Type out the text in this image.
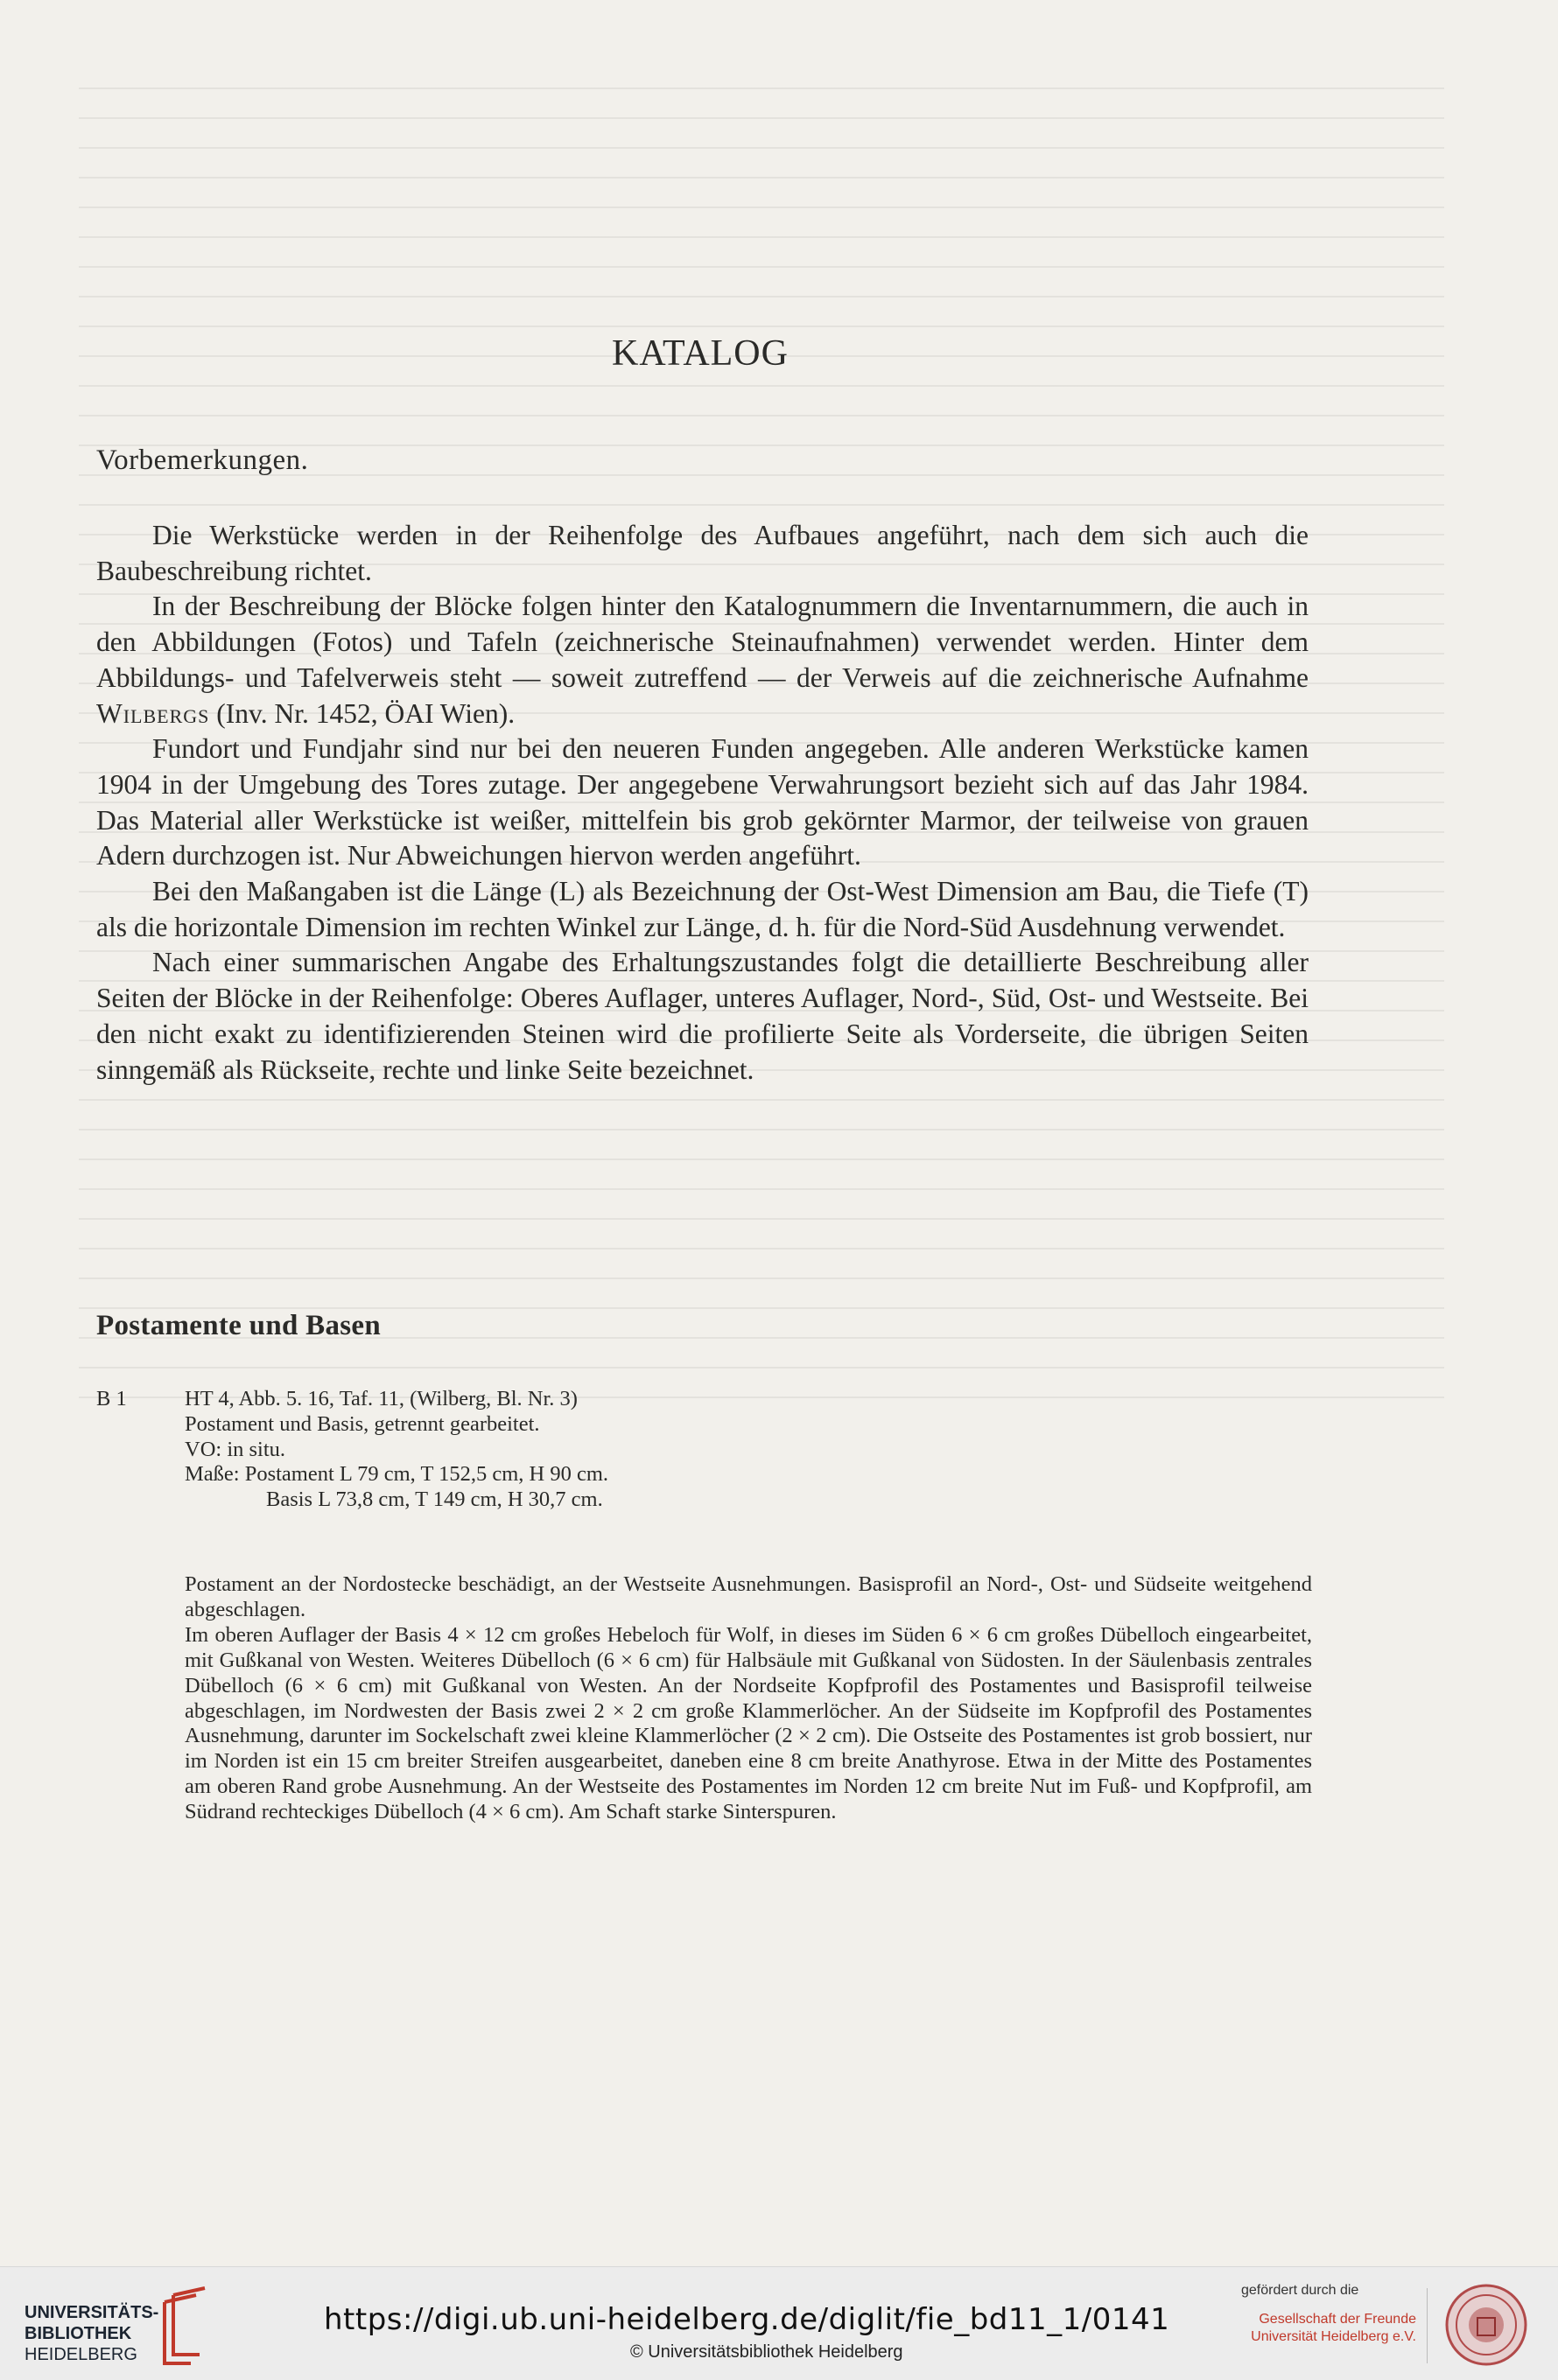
KATALOG
Vorbemerkungen.

Die Werkstücke werden in der Reihenfolge des Aufbaues angeführt, nach dem sich auch die Baubeschreibung richtet.

In der Beschreibung der Blöcke folgen hinter den Katalognummern die Inventarnummern, die auch in den Abbildungen (Fotos) und Tafeln (zeichnerische Steinaufnahmen) verwendet werden. Hinter dem Abbildungs- und Tafelverweis steht — soweit zutreffend — der Verweis auf die zeichnerische Aufnahme Wilbergs (Inv. Nr. 1452, ÖAI Wien).

Fundort und Fundjahr sind nur bei den neueren Funden angegeben. Alle anderen Werkstücke kamen 1904 in der Umgebung des Tores zutage. Der angegebene Verwahrungsort bezieht sich auf das Jahr 1984. Das Material aller Werkstücke ist weißer, mittelfein bis grob gekörnter Marmor, der teilweise von grauen Adern durchzogen ist. Nur Abweichungen hiervon werden angeführt.

Bei den Maßangaben ist die Länge (L) als Bezeichnung der Ost-West Dimension am Bau, die Tiefe (T) als die horizontale Dimension im rechten Winkel zur Länge, d. h. für die Nord-Süd Ausdehnung verwendet.

Nach einer summarischen Angabe des Erhaltungszustandes folgt die detaillierte Beschreibung aller Seiten der Blöcke in der Reihenfolge: Oberes Auflager, unteres Auflager, Nord-, Süd, Ost- und Westseite. Bei den nicht exakt zu identifizierenden Steinen wird die profilierte Seite als Vorderseite, die übrigen Seiten sinngemäß als Rückseite, rechte und linke Seite bezeichnet.

Postamente und Basen
B 1	HT 4, Abb. 5. 16, Taf. 11, (Wilberg, Bl. Nr. 3)
Postament und Basis, getrennt gearbeitet.
VO: in situ.
Maße: Postament L 79 cm, T 152,5 cm, H 90 cm.
Basis L 73,8 cm, T 149 cm, H 30,7 cm.

Postament an der Nordostecke beschädigt, an der Westseite Ausnehmungen. Basisprofil an Nord-, Ost- und Südseite weitgehend abgeschlagen.

Im oberen Auflager der Basis 4 × 12 cm großes Hebeloch für Wolf, in dieses im Süden 6 × 6 cm großes Dübelloch eingearbeitet, mit Gußkanal von Westen. Weiteres Dübelloch (6 × 6 cm) für Halbsäule mit Gußkanal von Südosten. In der Säulenbasis zentrales Dübelloch (6 × 6 cm) mit Gußkanal von Westen. An der Nordseite Kopfprofil des Postamentes und Basisprofil teilweise abgeschlagen, im Nordwesten der Basis zwei 2 × 2 cm große Klammerlöcher. An der Südseite im Kopfprofil des Postamentes Ausnehmung, darunter im Sockelschaft zwei kleine Klammerlöcher (2 × 2 cm). Die Ostseite des Postamentes ist grob bossiert, nur im Norden ist ein 15 cm breiter Streifen ausgearbeitet, daneben eine 8 cm breite Anathyrose. Etwa in der Mitte des Postamentes am oberen Rand grobe Ausnehmung. An der Westseite des Postamentes im Norden 12 cm breite Nut im Fuß- und Kopfprofil, am Südrand rechteckiges Dübelloch (4 × 6 cm). Am Schaft starke Sinterspuren.

UNIVERSITÄTS-
BIBLIOTHEK
HEIDELBERG
https://digi.ub.uni-heidelberg.de/diglit/fie_bd11_1/0141
© Universitätsbibliothek Heidelberg
gefördert durch die
Gesellschaft der Freunde
Universität Heidelberg e.V.
